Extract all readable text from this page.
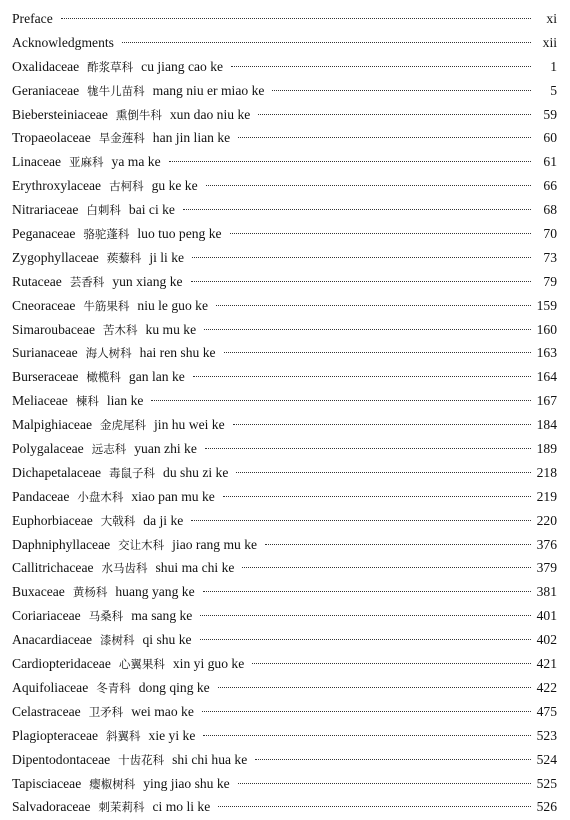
Preface	xi
Acknowledgments	xii
Oxalidaceae 酢浆草科 cu jiang cao ke	1
Geraniaceae 牻牛儿苗科 mang niu er miao ke	5
Biebersteiniaceae 熏倒牛科 xun dao niu ke	59
Tropaeolaceae 旱金莲科 han jin lian ke	60
Linaceae 亚麻科 ya ma ke	61
Erythroxylaceae 古柯科 gu ke ke	66
Nitrariaceae 白刺科 bai ci ke	68
Peganaceae 骆驼蓬科 luo tuo peng ke	70
Zygophyllaceae 蒺藜科 ji li ke	73
Rutaceae 芸香科 yun xiang ke	79
Cneoraceae 牛筋果科 niu le guo ke	159
Simaroubaceae 苦木科 ku mu ke	160
Surianaceae 海人树科 hai ren shu ke	163
Burseraceae 橄榄科 gan lan ke	164
Meliaceae 楝科 lian ke	167
Malpighiaceae 金虎尾科 jin hu wei ke	184
Polygalaceae 远志科 yuan zhi ke	189
Dichapetalaceae 毒鼠子科 du shu zi ke	218
Pandaceae 小盘木科 xiao pan mu ke	219
Euphorbiaceae 大戟科 da ji ke	220
Daphniphyllaceae 交让木科 jiao rang mu ke	376
Callitrichaceae 水马齿科 shui ma chi ke	379
Buxaceae 黄杨科 huang yang ke	381
Coriariaceae 马桑科 ma sang ke	401
Anacardiaceae 漆树科 qi shu ke	402
Cardiopteridaceae 心翼果科 xin yi guo ke	421
Aquifoliaceae 冬青科 dong qing ke	422
Celastraceae 卫矛科 wei mao ke	475
Plagiopteraceae 斜翼科 xie yi ke	523
Dipentodontaceae 十齿花科 shi chi hua ke	524
Tapisciaceae 瘿椒树科 ying jiao shu ke	525
Salvadoraceae 刺茉莉科 ci mo li ke	526
